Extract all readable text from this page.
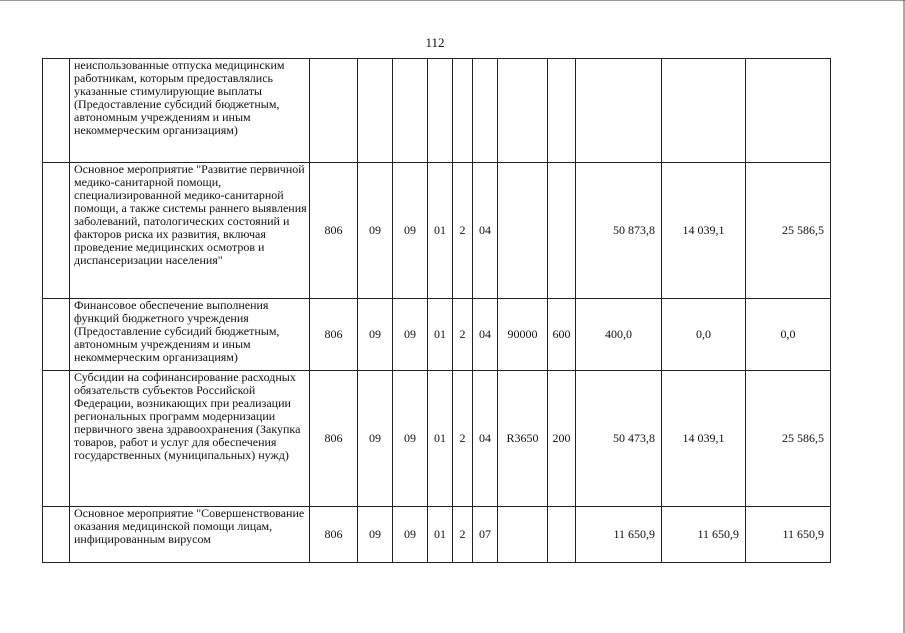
112
	неиспользованные отпуска медицинским работникам, которым предоставлялись указанные стимулирующие выплаты (Предоставление субсидий бюджетным, автономным учреждениям и иным некоммерческим организациям)											
	Основное мероприятие "Развитие первичной медико-санитарной помощи, специализированной медико-санитарной помощи, а также системы раннего выявления заболеваний, патологических состояний и факторов риска их развития, включая проведение медицинских осмотров и диспансеризации населения"	806	09	09	01	2	04			50 873,8	14 039,1	25 586,5
	Финансовое обеспечение выполнения функций бюджетного учреждения (Предоставление субсидий бюджетным, автономным учреждениям и иным некоммерческим организациям)	806	09	09	01	2	04	90000	600	400,0	0,0	0,0
	Субсидии на софинансирование расходных обязательств субъектов Российской Федерации, возникающих при реализации региональных программ модернизации первичного звена здравоохранения (Закупка товаров, работ и услуг для обеспечения государственных (муниципальных) нужд)	806	09	09	01	2	04	R3650	200	50 473,8	14 039,1	25 586,5
	Основное мероприятие "Совершенствование оказания медицинской помощи лицам, инфицированным вирусом	806	09	09	01	2	07			11 650,9	11 650,9	11 650,9
